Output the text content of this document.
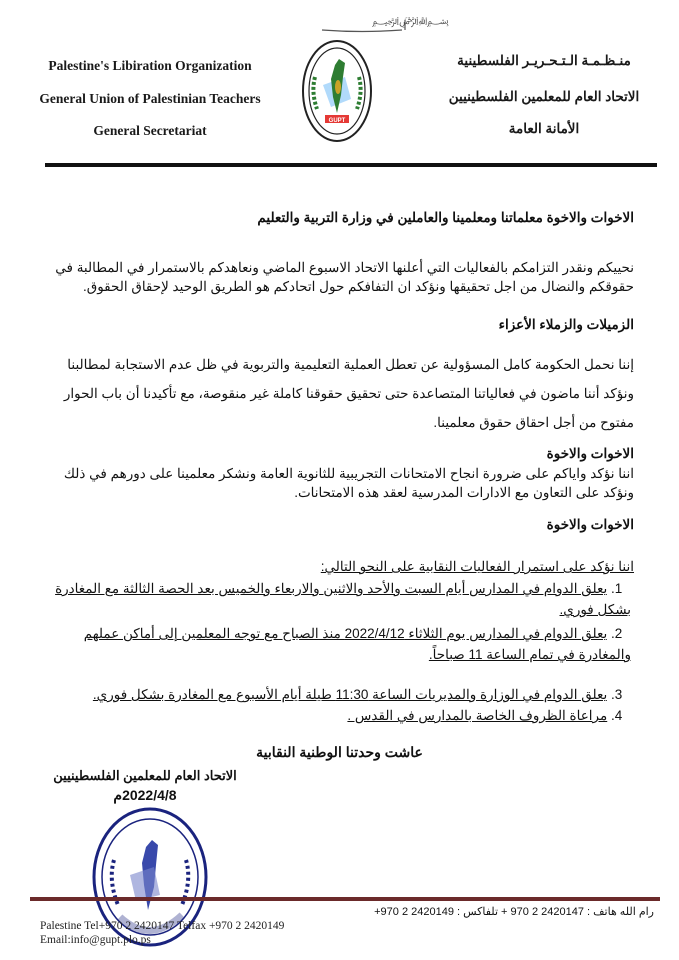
﷽
Palestine's Libiration Organization
General Union of Palestinian Teachers
General Secretariat
GUPT
منـظـمـة الـتـحـريـر الفلسطينية
الاتحاد العام للمعلمين الفلسطينيين
الأمانة العامة
الاخوات والاخوة معلماتنا ومعلمينا والعاملين في وزارة التربية والتعليم
نحييكم ونقدر التزامكم بالفعاليات التي أعلنها الاتحاد الاسبوع الماضي ونعاهدكم بالاستمرار في المطالبة في حقوقكم والنضال من اجل تحقيقها ونؤكد ان التفافكم حول اتحادكم هو الطريق الوحيد لإحقاق الحقوق.
الزميلات والزملاء الأعزاء
إننا نحمل الحكومة كامل المسؤولية عن تعطل العملية التعليمية والتربوية في ظل عدم الاستجابة لمطالبنا ونؤكد أننا ماضون في فعالياتنا المتصاعدة حتى تحقيق حقوقنا كاملة غير منقوصة، مع تأكيدنا أن باب الحوار مفتوح من أجل احقاق حقوق معلمينا.
الاخوات والاخوة
اننا نؤكد واياكم على ضرورة انجاح الامتحانات التجريبية للثانوية العامة ونشكر معلمينا على دورهم في ذلك ونؤكد على التعاون مع الادارات المدرسية لعقد هذه الامتحانات.
الاخوات والاخوة
اننا نؤكد على استمرار الفعاليات النقابية على النحو التالي:
1. يعلق الدوام في المدارس أيام السبت والأحد والاثنين والاربعاء والخميس بعد الحصة الثالثة مع المغادرة بشكل فوري.
2. يعلق الدوام في المدارس يوم الثلاثاء 2022/4/12 منذ الصباح مع توجه المعلمين إلى أماكن عملهم والمغادرة في تمام الساعة 11 صباحاً.
3. يعلق الدوام في الوزارة والمديريات الساعة 11:30 طيلة أيام الأسبوع مع المغادرة بشكل فوري.
4. مراعاة الظروف الخاصة بالمدارس في القدس .
عاشت وحدتنا الوطنية النقابية
الاتحاد العام للمعلمين الفلسطينيين
2022/4/8م
رام الله هاتف : 2420147 2 970 + تلفاكس : 2420149 2 970+
Palestine Tel+970 2 2420147 Telfax +970 2 2420149
Email:info@gupt.plo.ps
